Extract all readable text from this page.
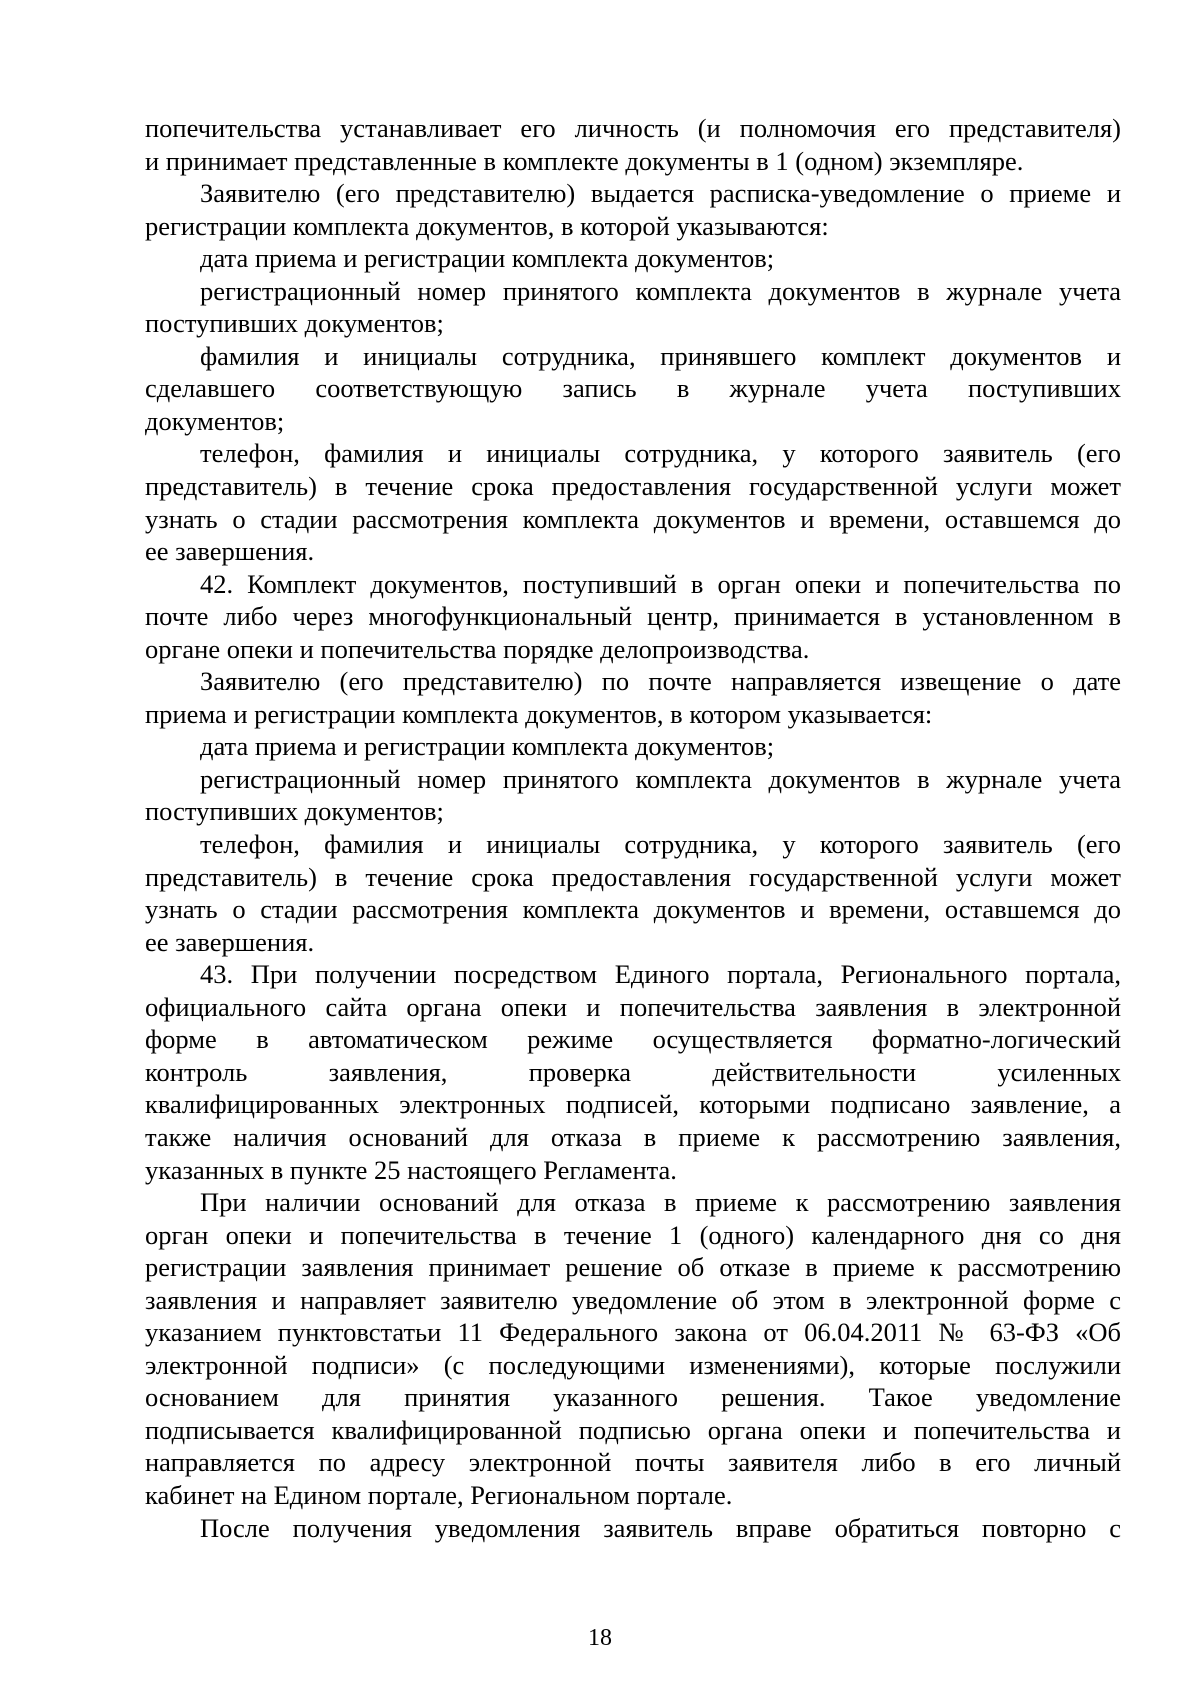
попечительства устанавливает его личность (и полномочия его представителя)
и принимает представленные в комплекте документы в 1 (одном) экземпляре.
Заявителю (его представителю) выдается расписка-уведомление о приеме и
регистрации комплекта документов, в которой указываются:
дата приема и регистрации комплекта документов;
регистрационный номер принятого комплекта документов в журнале учета
поступивших документов;
фамилия и инициалы сотрудника, принявшего комплект документов и
сделавшего соответствующую запись в журнале учета поступивших
документов;
телефон, фамилия и инициалы сотрудника, у которого заявитель (его
представитель) в течение срока предоставления государственной услуги может
узнать о стадии рассмотрения комплекта документов и времени, оставшемся до
ее завершения.
42. Комплект документов, поступивший в орган опеки и попечительства по
почте либо через многофункциональный центр, принимается в установленном в
органе опеки и попечительства порядке делопроизводства.
Заявителю (его представителю) по почте направляется извещение о дате
приема и регистрации комплекта документов, в котором указывается:
дата приема и регистрации комплекта документов;
регистрационный номер принятого комплекта документов в журнале учета
поступивших документов;
телефон, фамилия и инициалы сотрудника, у которого заявитель (его
представитель) в течение срока предоставления государственной услуги может
узнать о стадии рассмотрения комплекта документов и времени, оставшемся до
ее завершения.
43. При получении посредством Единого портала, Регионального портала,
официального сайта органа опеки и попечительства заявления в электронной
форме в автоматическом режиме осуществляется форматно-логический
контроль заявления, проверка действительности усиленных
квалифицированных электронных подписей, которыми подписано заявление, а
также наличия оснований для отказа в приеме к рассмотрению заявления,
указанных в пункте 25 настоящего Регламента.
При наличии оснований для отказа в приеме к рассмотрению заявления
орган опеки и попечительства в течение 1 (одного) календарного дня со дня
регистрации заявления принимает решение об отказе в приеме к рассмотрению
заявления и направляет заявителю уведомление об этом в электронной форме с
указанием пунктовстатьи 11 Федерального закона от 06.04.2011 № 63-ФЗ «Об
электронной подписи» (с последующими изменениями), которые послужили
основанием для принятия указанного решения. Такое уведомление
подписывается квалифицированной подписью органа опеки и попечительства и
направляется по адресу электронной почты заявителя либо в его личный
кабинет на Едином портале, Региональном портале.
После получения уведомления заявитель вправе обратиться повторно с
18
